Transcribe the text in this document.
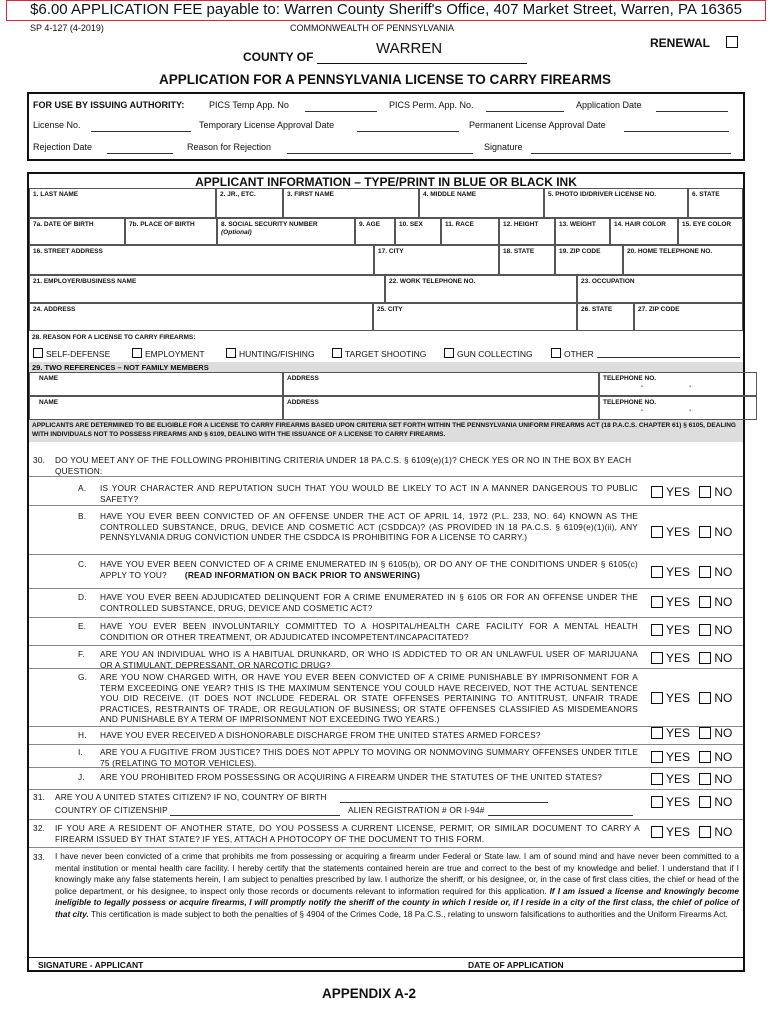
$6.00 APPLICATION FEE payable to: Warren County Sheriff's Office, 407 Market Street, Warren, PA 16365
SP 4-127 (4-2019)	COMMONWEALTH OF PENNSYLVANIA
COUNTY OF	WARREN	RENEWAL
APPLICATION FOR A PENNSYLVANIA LICENSE TO CARRY FIREARMS
FOR USE BY ISSUING AUTHORITY:	PICS Temp App. No	PICS Perm. App. No.	Application Date
License No.	Temporary License Approval Date	Permanent License Approval Date
Rejection Date	Reason for Rejection	Signature
APPLICANT INFORMATION – TYPE/PRINT IN BLUE OR BLACK INK
1. LAST NAME	2. JR., ETC.	3. FIRST NAME	4. MIDDLE NAME	5. PHOTO ID/DRIVER LICENSE NO.	6. STATE
7a. DATE OF BIRTH	7b. PLACE OF BIRTH	8. SOCIAL SECURITY NUMBER
(Optional)
9. AGE	10. SEX	11. RACE	12. HEIGHT	13. WEIGHT	14. HAIR COLOR	15. EYE COLOR
16. STREET ADDRESS	17. CITY	18. STATE	19. ZIP CODE	20. HOME TELEPHONE NO.
21. EMPLOYER/BUSINESS NAME	22. WORK TELEPHONE NO.	23. OCCUPATION
24. ADDRESS	25. CITY	26. STATE	27. ZIP CODE
28. REASON FOR A LICENSE TO CARRY FIREARMS:
SELF-DEFENSE	EMPLOYMENT	HUNTING/FISHING	TARGET SHOOTING	GUN COLLECTING	OTHER
29. TWO REFERENCES – NOT FAMILY MEMBERS
NAME	ADDRESS	TELEPHONE NO.
-	-
NAME	ADDRESS	TELEPHONE NO.
-	-
APPLICANTS ARE DETERMINED TO BE ELIGIBLE FOR A LICENSE TO CARRY FIREARMS BASED UPON CRITERIA SET FORTH WITHIN THE PENNSYLVANIA UNIFORM FIREARMS ACT (18 P.A.C.S. CHAPTER 61) § 6105, DEALING WITH INDIVIDUALS NOT TO POSSESS FIREARMS AND § 6109, DEALING WITH THE ISSUANCE OF A LICENSE TO CARRY FIREARMS.
30. DO YOU MEET ANY OF THE FOLLOWING PROHIBITING CRITERIA UNDER 18 PA.C.S. § 6109(e)(1)? CHECK YES OR NO IN THE BOX BY EACH QUESTION:
A. IS YOUR CHARACTER AND REPUTATION SUCH THAT YOU WOULD BE LIKELY TO ACT IN A MANNER DANGEROUS TO PUBLIC SAFETY?	YES NO
B. HAVE YOU EVER BEEN CONVICTED OF AN OFFENSE UNDER THE ACT OF APRIL 14, 1972 (P.L. 233, NO. 64) KNOWN AS THE CONTROLLED SUBSTANCE, DRUG, DEVICE AND COSMETIC ACT (CSDDCA)? (AS PROVIDED IN 18 PA.C.S. § 6109(e)(1)(ii), ANY PENNSYLVANIA DRUG CONVICTION UNDER THE CSDDCA IS PROHIBITING FOR A LICENSE TO CARRY.)	YES NO
C. HAVE YOU EVER BEEN CONVICTED OF A CRIME ENUMERATED IN § 6105(b), OR DO ANY OF THE CONDITIONS UNDER § 6105(c) APPLY TO YOU? (READ INFORMATION ON BACK PRIOR TO ANSWERING)	YES NO
D. HAVE YOU EVER BEEN ADJUDICATED DELINQUENT FOR A CRIME ENUMERATED IN § 6105 OR FOR AN OFFENSE UNDER THE CONTROLLED SUBSTANCE, DRUG, DEVICE AND COSMETIC ACT?	YES NO
E. HAVE YOU EVER BEEN INVOLUNTARILY COMMITTED TO A HOSPITAL/HEALTH CARE FACILITY FOR A MENTAL HEALTH CONDITION OR OTHER TREATMENT, OR ADJUDICATED INCOMPETENT/INCAPACITATED?	YES NO
F. ARE YOU AN INDIVIDUAL WHO IS A HABITUAL DRUNKARD, OR WHO IS ADDICTED TO OR AN UNLAWFUL USER OF MARIJUANA OR A STIMULANT, DEPRESSANT, OR NARCOTIC DRUG?	YES NO
G. ARE YOU NOW CHARGED WITH, OR HAVE YOU EVER BEEN CONVICTED OF A CRIME PUNISHABLE BY IMPRISONMENT FOR A TERM EXCEEDING ONE YEAR? THIS IS THE MAXIMUM SENTENCE YOU COULD HAVE RECEIVED, NOT THE ACTUAL SENTENCE YOU DID RECEIVE. (IT DOES NOT INCLUDE FEDERAL OR STATE OFFENSES PERTAINING TO ANTITRUST, UNFAIR TRADE PRACTICES, RESTRAINTS OF TRADE, OR REGULATION OF BUSINESS; OR STATE OFFENSES CLASSIFIED AS MISDEMEANORS AND PUNISHABLE BY A TERM OF IMPRISONMENT NOT EXCEEDING TWO YEARS.)
YES NO
H. HAVE YOU EVER RECEIVED A DISHONORABLE DISCHARGE FROM THE UNITED STATES ARMED FORCES?	YES NO
I. ARE YOU A FUGITIVE FROM JUSTICE? THIS DOES NOT APPLY TO MOVING OR NONMOVING SUMMARY OFFENSES UNDER TITLE 75 (RELATING TO MOTOR VEHICLES).	YES NO
J. ARE YOU PROHIBITED FROM POSSESSING OR ACQUIRING A FIREARM UNDER THE STATUTES OF THE UNITED STATES?	YES NO
31. ARE YOU A UNITED STATES CITIZEN? IF NO, COUNTRY OF BIRTH
COUNTRY OF CITIZENSHIP	ALIEN REGISTRATION # OR I-94#
YES NO
32. IF YOU ARE A RESIDENT OF ANOTHER STATE, DO YOU POSSESS A CURRENT LICENSE, PERMIT, OR SIMILAR DOCUMENT TO CARRY A FIREARM ISSUED BY THAT STATE? IF YES, ATTACH A PHOTOCOPY OF THE DOCUMENT TO THIS FORM.	YES NO
33. I have never been convicted of a crime that prohibits me from possessing or acquiring a firearm under Federal or State law. I am of sound mind and have never been committed to a mental institution or mental health care facility. I hereby certify that the statements contained herein are true and correct to the best of my knowledge and belief. I understand that if I knowingly make any false statements herein, I am subject to penalties prescribed by law. I authorize the sheriff, or his designee, or, in the case of first class cities, the chief or head of the police department, or his designee, to inspect only those records or documents relevant to information required for this application. If I am issued a license and knowingly become ineligible to legally possess or acquire firearms, I will promptly notify the sheriff of the county in which I reside or, if I reside in a city of the first class, the chief of police of that city. This certification is made subject to both the penalties of § 4904 of the Crimes Code, 18 Pa.C.S., relating to unsworn falsifications to authorities and the Uniform Firearms Act.
SIGNATURE - APPLICANT	DATE OF APPLICATION
APPENDIX A-2
